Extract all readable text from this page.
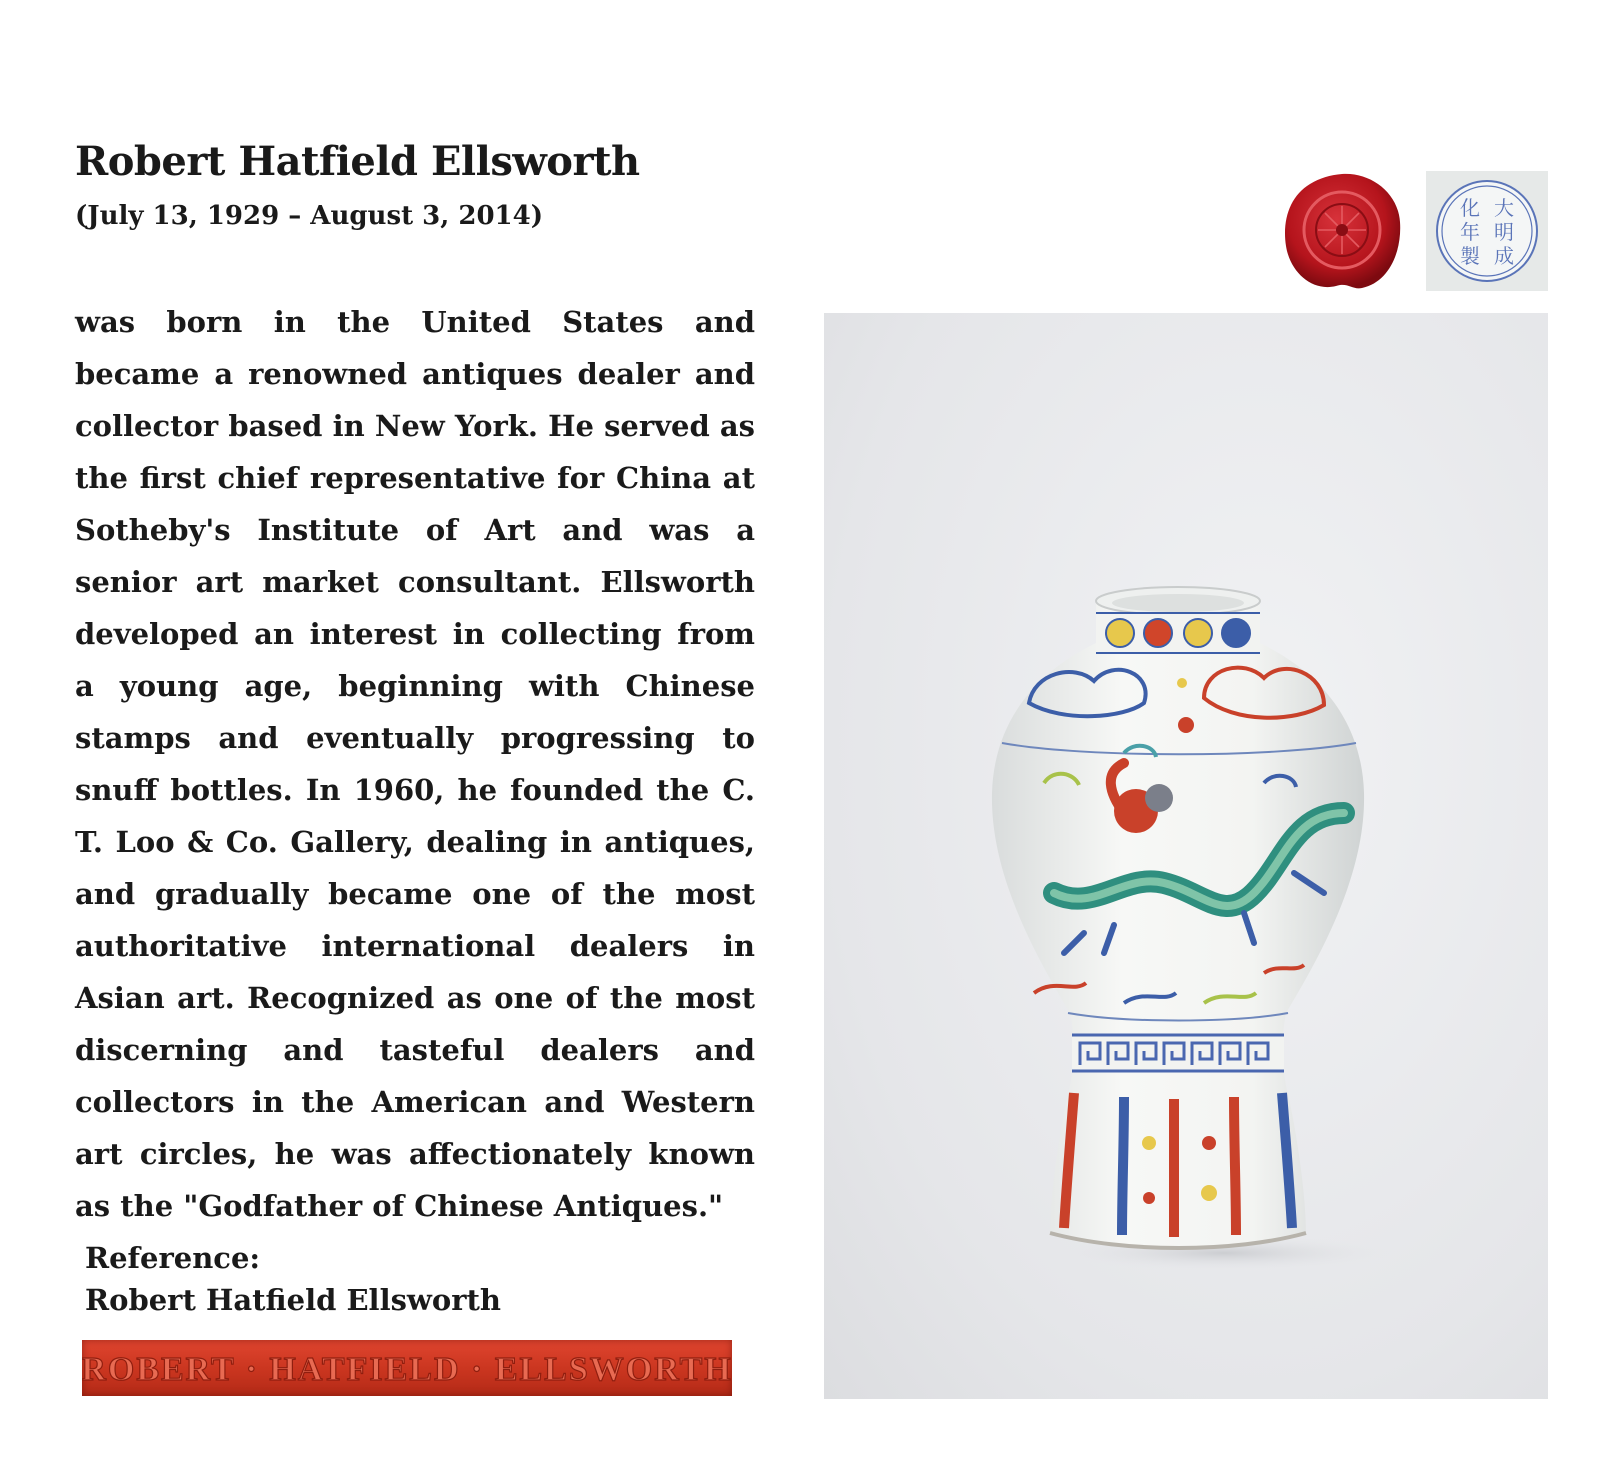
Robert Hatfield Ellsworth
(July 13, 1929 – August 3, 2014)

was born in the United States and became a renowned antiques dealer and collector based in New York. He served as the first chief representative for China at Sotheby's Institute of Art and was a senior art market consultant. Ellsworth developed an interest in collecting from a young age, beginning with Chinese stamps and eventually progressing to snuff bottles. In 1960, he founded the C. T. Loo & Co. Gallery, dealing in antiques, and gradually became one of the most authoritative international dealers in Asian art. Recognized as one of the most discerning and tasteful dealers and collectors in the American and Western art circles, he was affectionately known as the "Godfather of Chinese Antiques."

Reference:
Robert Hatfield Ellsworth
ROBERT · HATFIELD · ELLSWORTH
大
明
成
化
年
製
